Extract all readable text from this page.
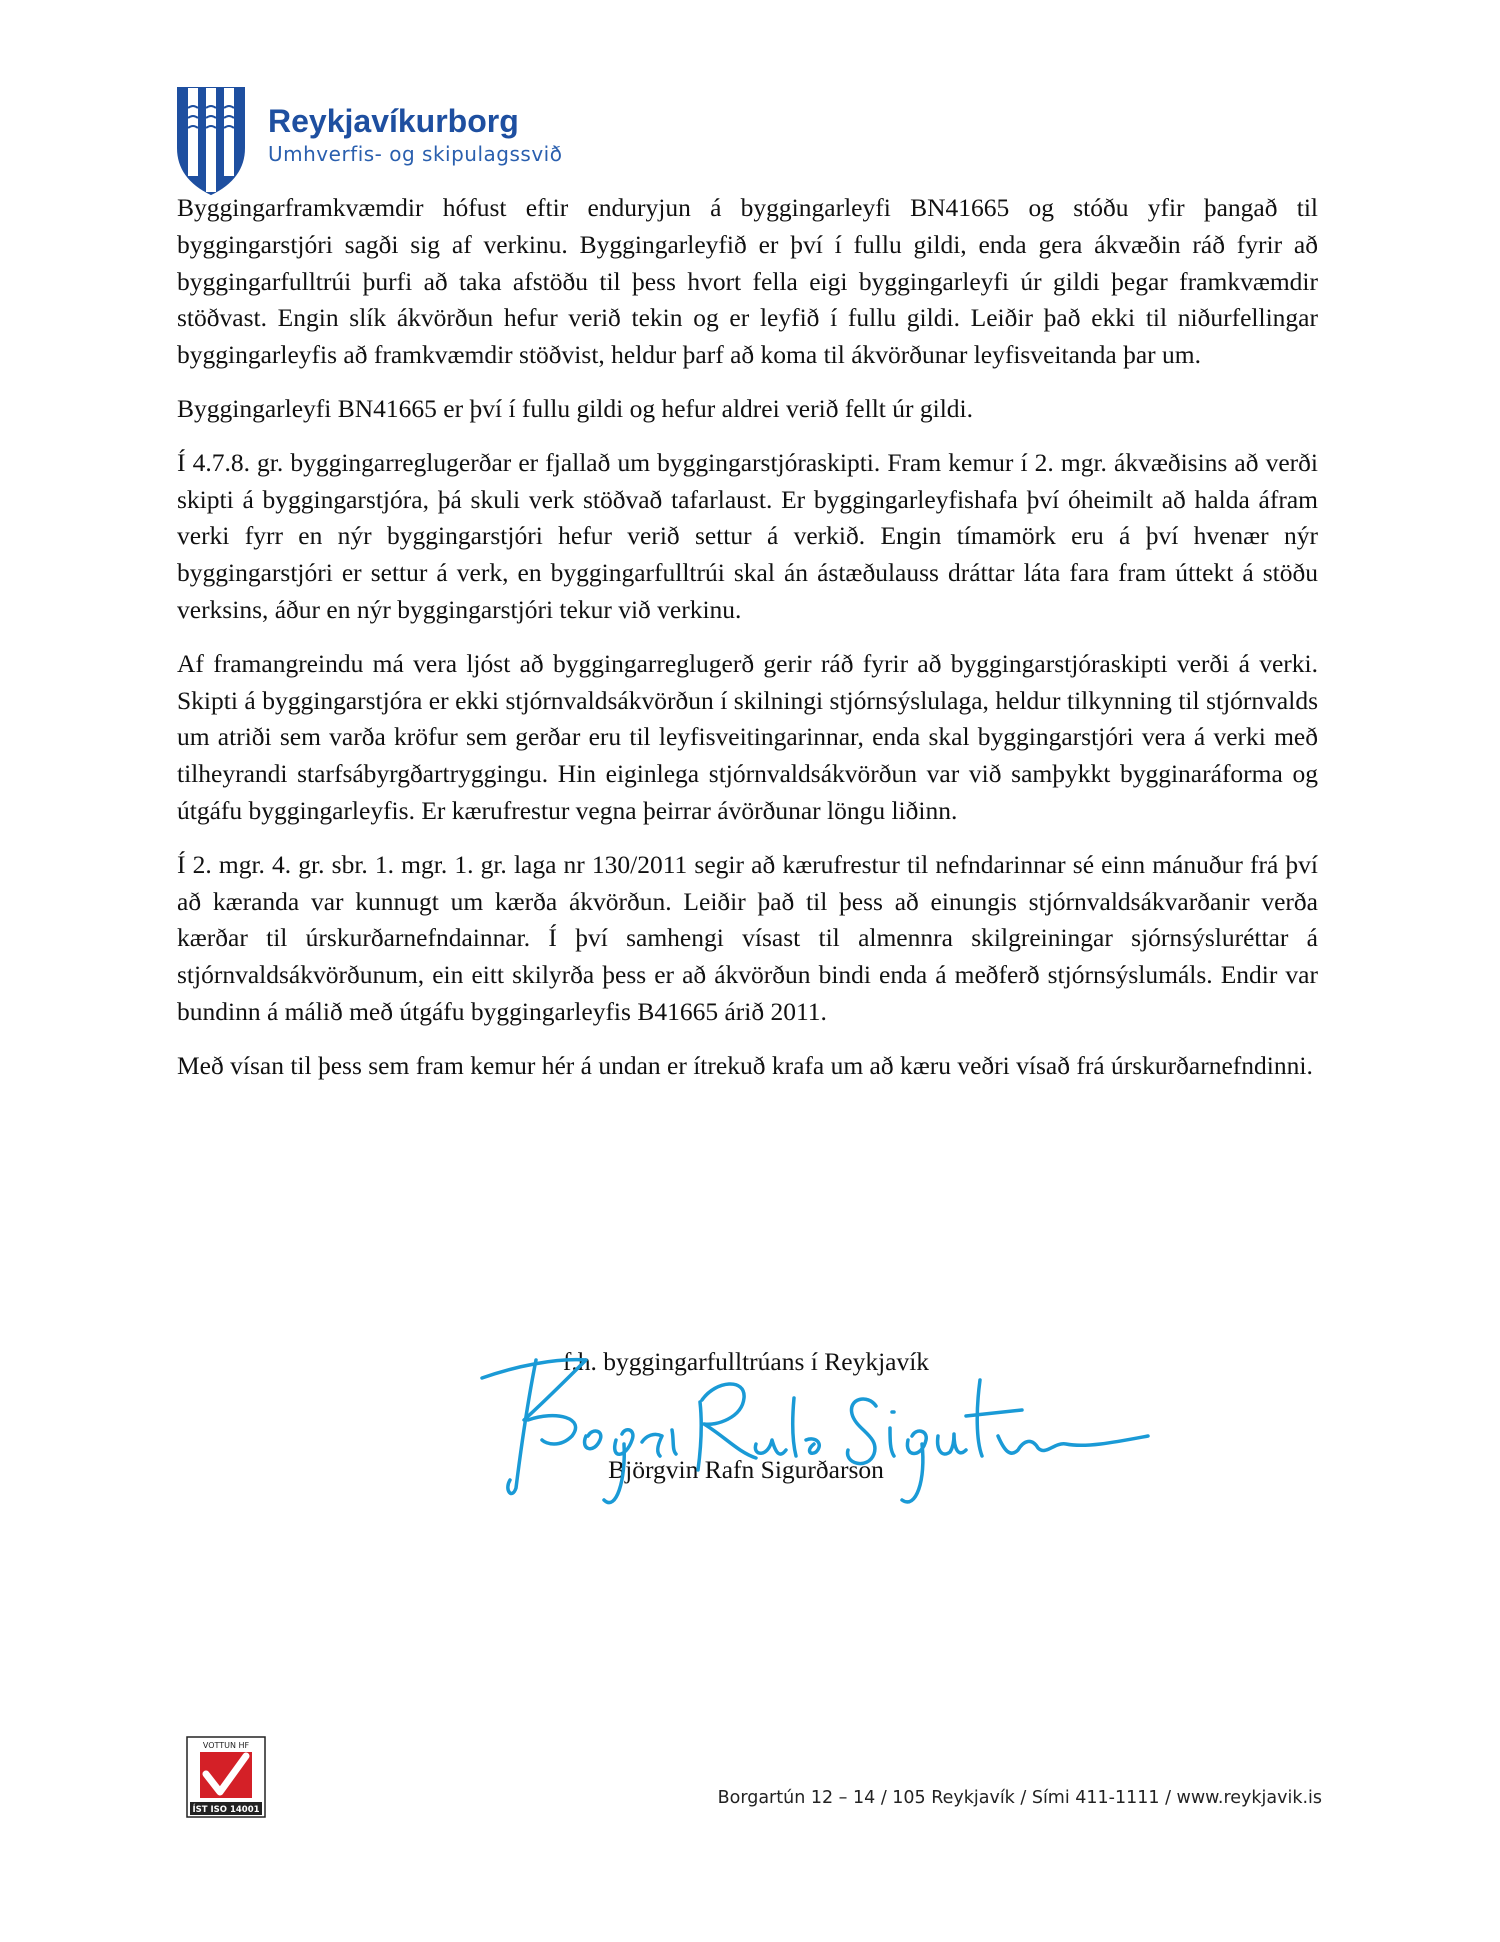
Reykjavíkurborg
Umhverfis- og skipulagssvið

Byggingarframkvæmdir hófust eftir enduryjun á byggingarleyfi BN41665 og stóðu yfir þangað til byggingarstjóri sagði sig af verkinu. Byggingarleyfið er því í fullu gildi, enda gera ákvæðin ráð fyrir að byggingarfulltrúi þurfi að taka afstöðu til þess hvort fella eigi byggingarleyfi úr gildi þegar framkvæmdir stöðvast. Engin slík ákvörðun hefur verið tekin og er leyfið í fullu gildi. Leiðir það ekki til niðurfellingar byggingarleyfis að framkvæmdir stöðvist, heldur þarf að koma til ákvörðunar leyfisveitanda þar um.

Byggingarleyfi BN41665 er því í fullu gildi og hefur aldrei verið fellt úr gildi.

Í 4.7.8. gr. byggingarreglugerðar er fjallað um byggingarstjóraskipti. Fram kemur í 2. mgr. ákvæðisins að verði skipti á byggingarstjóra, þá skuli verk stöðvað tafarlaust. Er byggingarleyfishafa því óheimilt að halda áfram verki fyrr en nýr byggingarstjóri hefur verið settur á verkið. Engin tímamörk eru á því hvenær nýr byggingarstjóri er settur á verk, en byggingarfulltrúi skal án ástæðulauss dráttar láta fara fram úttekt á stöðu verksins, áður en nýr byggingarstjóri tekur við verkinu.

Af framangreindu má vera ljóst að byggingarreglugerð gerir ráð fyrir að byggingarstjóraskipti verði á verki. Skipti á byggingarstjóra er ekki stjórnvaldsákvörðun í skilningi stjórnsýslulaga, heldur tilkynning til stjórnvalds um atriði sem varða kröfur sem gerðar eru til leyfisveitingarinnar, enda skal byggingarstjóri vera á verki með tilheyrandi starfsábyrgðartryggingu. Hin eiginlega stjórnvaldsákvörðun var við samþykkt bygginaráforma og útgáfu byggingarleyfis. Er kærufrestur vegna þeirrar ávörðunar löngu liðinn.

Í 2. mgr. 4. gr. sbr. 1. mgr. 1. gr. laga nr 130/2011 segir að kærufrestur til nefndarinnar sé einn mánuður frá því að kæranda var kunnugt um kærða ákvörðun. Leiðir það til þess að einungis stjórnvaldsákvarðanir verða kærðar til úrskurðarnefndainnar. Í því samhengi vísast til almennra skilgreiningar sjórnsýsluréttar á stjórnvaldsákvörðunum, ein eitt skilyrða þess er að ákvörðun bindi enda á meðferð stjórnsýslumáls. Endir var bundinn á málið með útgáfu byggingarleyfis B41665 árið 2011.

Með vísan til þess sem fram kemur hér á undan er ítrekuð krafa um að kæru veðri vísað frá úrskurðarnefndinni.

f.h. byggingarfulltrúans í Reykjavík
Björgvin Rafn Sigurðarson
VOTTUN HF
ÍST ISO 14001
Borgartún 12 – 14 / 105 Reykjavík / Sími 411-1111 / www.reykjavik.is
